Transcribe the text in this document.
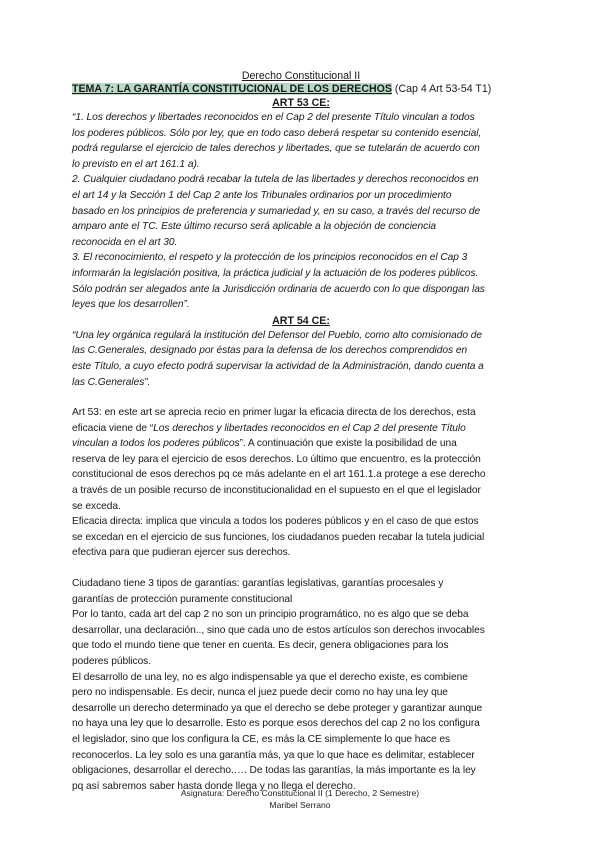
Derecho Constitucional II

TEMA 7: LA GARANTÍA CONSTITUCIONAL DE LOS DERECHOS (Cap 4 Art 53-54 T1)

ART 53 CE:

“1. Los derechos y libertades reconocidos en el Cap 2 del presente Título vinculan a todos

los poderes públicos. Sólo por ley, que en todo caso deberá respetar su contenido esencial,

podrá regularse el ejercicio de tales derechos y libertades, que se tutelarán de acuerdo con

lo previsto en el art 161.1 a).

2. Cualquier ciudadano podrá recabar la tutela de las libertades y derechos reconocidos en

el art 14 y la Sección 1 del Cap 2 ante los Tribunales ordinarios por un procedimiento

basado en los principios de preferencia y sumariedad y, en su caso, a través del recurso de

amparo ante el TC. Este último recurso será aplicable a la objeción de conciencia

reconocida en el art 30.

3. El reconocimiento, el respeto y la protección de los principios reconocidos en el Cap 3

informarán la legislación positiva, la práctica judicial y la actuación de los poderes públicos.

Sólo podrán ser alegados ante la Jurisdicción ordinaria de acuerdo con lo que dispongan las

leyes que los desarrollen”.

ART 54 CE:

“Una ley orgánica regulará la institución del Defensor del Pueblo, como alto comisionado de

las C.Generales, designado por éstas para la defensa de los derechos comprendidos en

este Título, a cuyo efecto podrá supervisar la actividad de la Administración, dando cuenta a

las C.Generales”.

Art 53: en este art se aprecia recio en primer lugar la eficacia directa de los derechos, esta

eficacia viene de “Los derechos y libertades reconocidos en el Cap 2 del presente Título

vinculan a todos los poderes públicos”. A continuación que existe la posibilidad de una

reserva de ley para el ejercicio de esos derechos. Lo último que encuentro, es la protección

constitucional de esos derechos pq ce más adelante en el art 161.1.a protege a ese derecho

a través de un posible recurso de inconstitucionalidad en el supuesto en el que el legislador

se exceda.

Eficacia directa: implica que vincula a todos los poderes públicos y en el caso de que estos

se excedan en el ejercicio de sus funciones, los ciudadanos pueden recabar la tutela judicial

efectiva para que pudieran ejercer sus derechos.

Ciudadano tiene 3 tipos de garantías: garantías legislativas, garantías procesales y

garantías de protección puramente constitucional

Por lo tanto, cada art del cap 2 no son un principio programático, no es algo que se deba

desarrollar, una declaración.., sino que cada uno de estos artículos son derechos invocables

que todo el mundo tiene que tener en cuenta. Es decir, genera obligaciones para los

poderes públicos.

El desarrollo de una ley, no es algo indispensable ya que el derecho existe, es combiene

pero no indispensable. Es decir, nunca el juez puede decir como no hay una ley que

desarrolle un derecho determinado ya que el derecho se debe proteger y garantizar aunque

no haya una ley que lo desarrolle. Esto es porque esos derechos del cap 2 no los configura

el legislador, sino que los configura la CE, es más la CE simplemente lo que hace es

reconocerlos. La ley solo es una garantía más, ya que lo que hace es delimitar, establecer

obligaciones, desarrollar el derecho.…. De todas las garantías, la más importante es la ley

pq así sabremos saber hasta donde llega y no llega el derecho.

Asignatura: Derecho Constitucional II (1 Derecho, 2 Semestre)
Maribel Serrano
